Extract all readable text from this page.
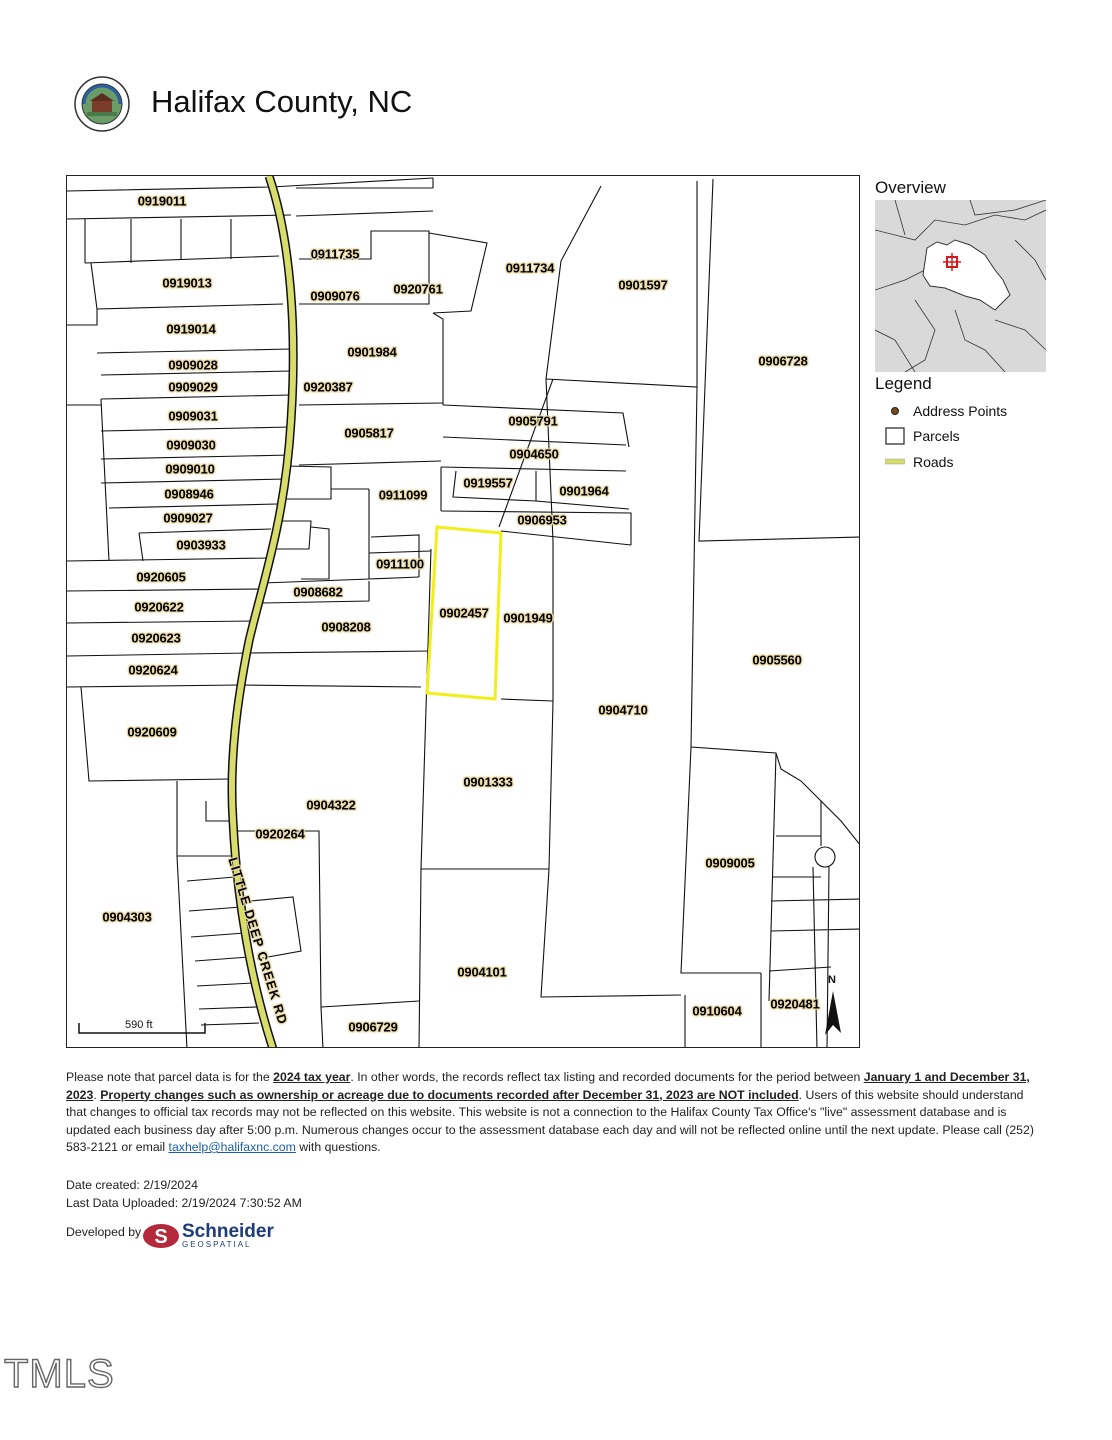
Halifax County, NC
0919011
0911735
0911734
0919013
0909076	0920761	0901597
0919014
0901984
0909028	0906728
0909029	0920387
0909031	0905791
0905817
0909030
0904650
0909010
0919557
0901964
0908946	0911099
0909027	0906953
0903933
0911100
0920605
0908682
0920622	0902457 0901949
0908208
0920623
0905560
0920624
0904710
0920609
0901333
0904322
0920264
0909005
0904303
0904101
0910604 0920481
0906729
LITTLE DEEP CREEK RD
590 ft
N
Overview
Legend
Address Points
Parcels
Roads
Please note that parcel data is for the 2024 tax year. In other words, the records reflect tax listing and recorded documents for the period between January 1 and December 31, 2023. Property changes such as ownership or acreage due to documents recorded after December 31, 2023 are NOT included. Users of this website should understand that changes to official tax records may not be reflected on this website. This website is not a connection to the Halifax County Tax Office's "live" assessment database and is updated each business day after 5:00 p.m. Numerous changes occur to the assessment database each day and will not be reflected online until the next update. Please call (252) 583-2121 or email taxhelp@halifaxnc.com with questions.
Date created: 2/19/2024
Last Data Uploaded: 2/19/2024 7:30:52 AM
Developed by S Schneider
GEOSPATIAL
TMLS
